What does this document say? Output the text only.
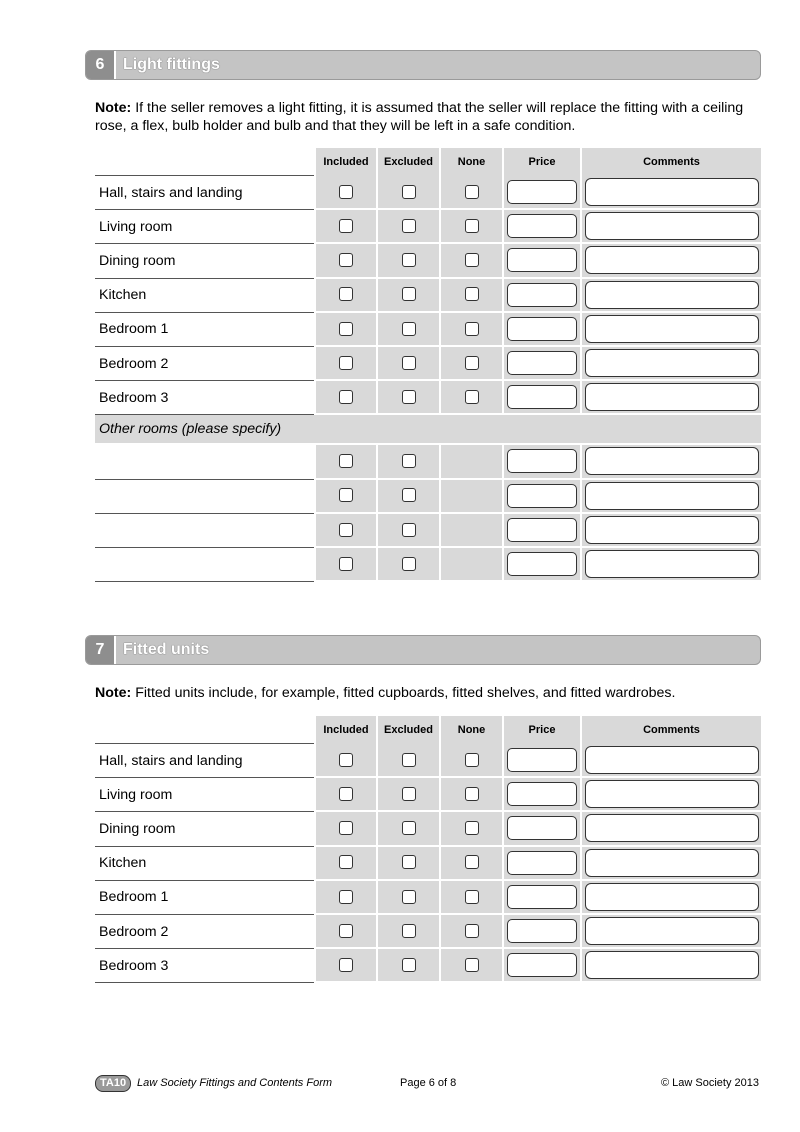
6	Light fittings
Note: If the seller removes a light fitting, it is assumed that the seller will replace the fitting with a ceiling rose, a flex, bulb holder and bulb and that they will be left in a safe condition.
	Included	Excluded	None	Price	Comments
Hall, stairs and landing				

Living room				

Dining room				

Kitchen				

Bedroom 1				

Bedroom 2				

Bedroom 3				

Other rooms (please specify)					

7	Fitted units
Note: Fitted units include, for example, fitted cupboards, fitted shelves, and fitted wardrobes.
	Included	Excluded	None	Price	Comments
Hall, stairs and landing				

Living room				

Dining room				

Kitchen				

Bedroom 1				

Bedroom 2				

Bedroom 3				

TA10 Law Society Fittings and Contents Form	Page 6 of 8	© Law Society 2013
